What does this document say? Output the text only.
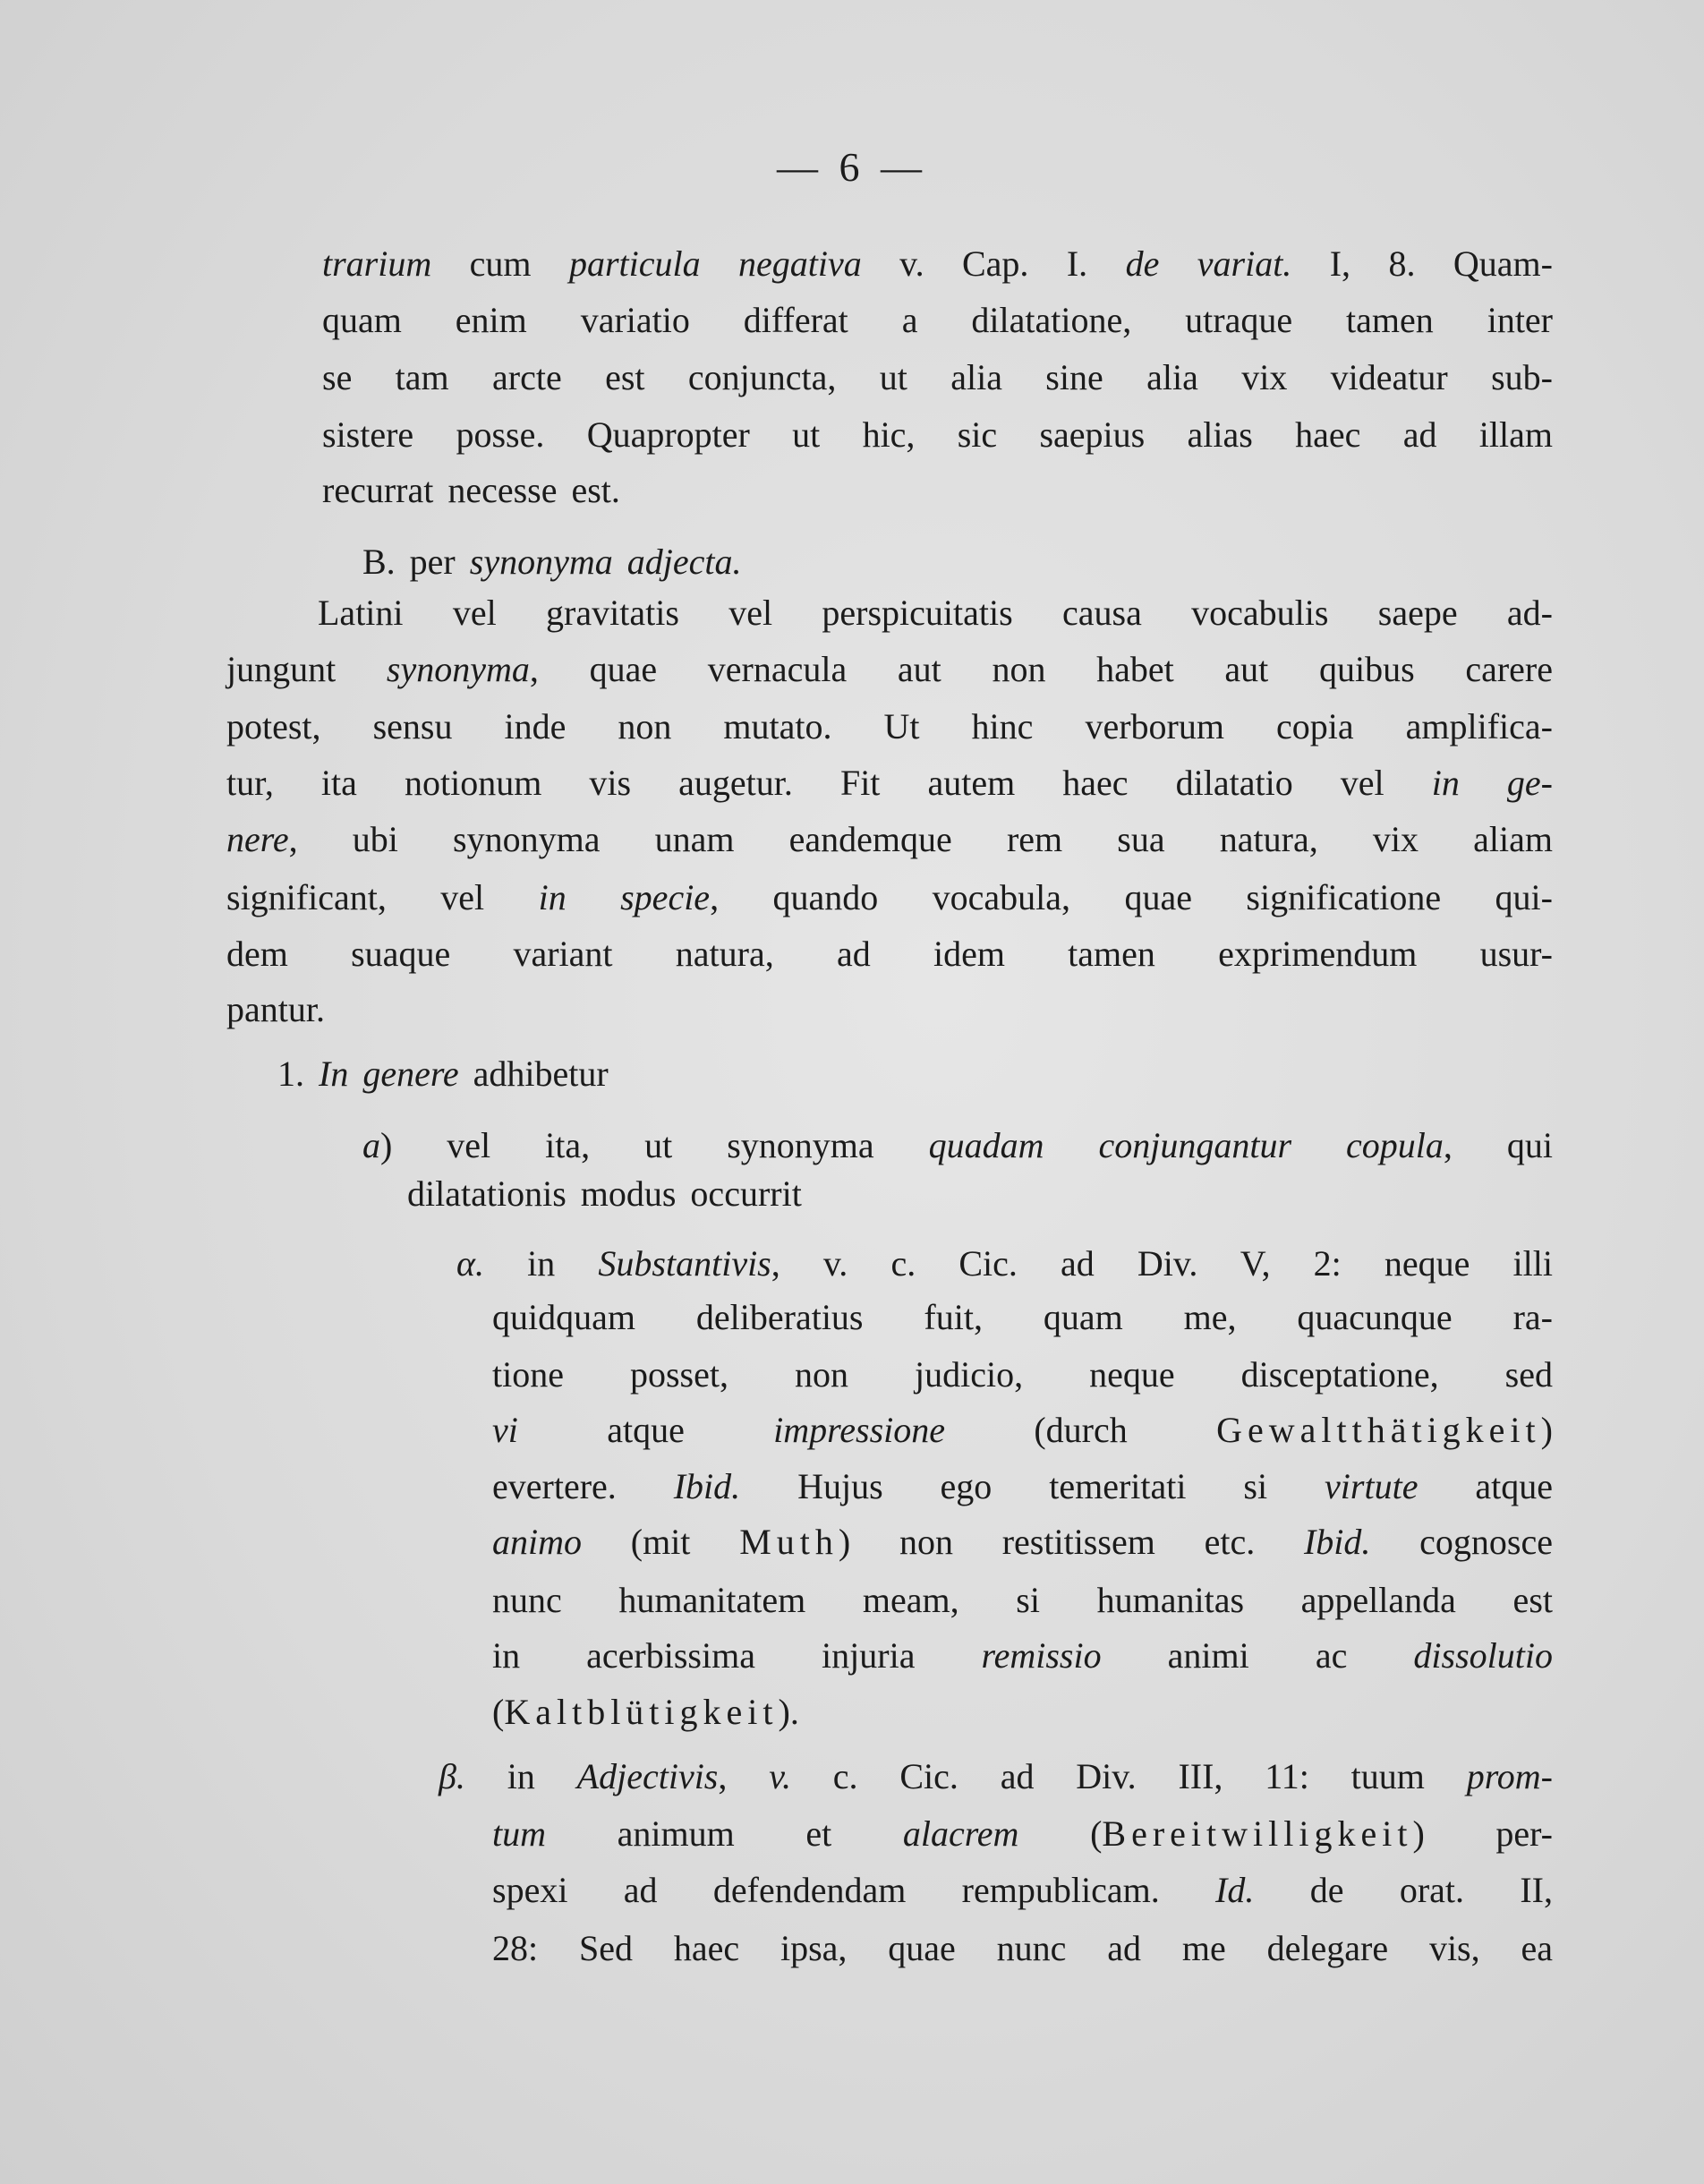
— 6 —
trarium cum particula negativa v. Cap. I. de variat. I, 8. Quam-
quam enim variatio differat a dilatatione, utraque tamen inter
se tam arcte est conjuncta, ut alia sine alia vix videatur sub-
sistere posse. Quapropter ut hic, sic saepius alias haec ad illam
recurrat necesse est.
B. per synonyma adjecta.
Latini vel gravitatis vel perspicuitatis causa vocabulis saepe ad-
jungunt synonyma, quae vernacula aut non habet aut quibus carere
potest, sensu inde non mutato. Ut hinc verborum copia amplifica-
tur, ita notionum vis augetur. Fit autem haec dilatatio vel in ge-
nere, ubi synonyma unam eandemque rem sua natura, vix aliam
significant, vel in specie, quando vocabula, quae significatione qui-
dem suaque variant natura, ad idem tamen exprimendum usur-
pantur.
1. In genere adhibetur
a) vel ita, ut synonyma quadam conjungantur copula, qui
dilatationis modus occurrit
α. in Substantivis, v. c. Cic. ad Div. V, 2: neque illi
quidquam deliberatius fuit, quam me, quacunque ra-
tione posset, non judicio, neque disceptatione, sed
vi atque impressione (durch Gewaltthätigkeit)
evertere. Ibid. Hujus ego temeritati si virtute atque
animo (mit Muth) non restitissem etc. Ibid. cognosce
nunc humanitatem meam, si humanitas appellanda est
in acerbissima injuria remissio animi ac dissolutio
(Kaltblütigkeit).
β. in Adjectivis, v. c. Cic. ad Div. III, 11: tuum prom-
tum animum et alacrem (Bereitwilligkeit) per-
spexi ad defendendam rempublicam. Id. de orat. II,
28: Sed haec ipsa, quae nunc ad me delegare vis, ea
